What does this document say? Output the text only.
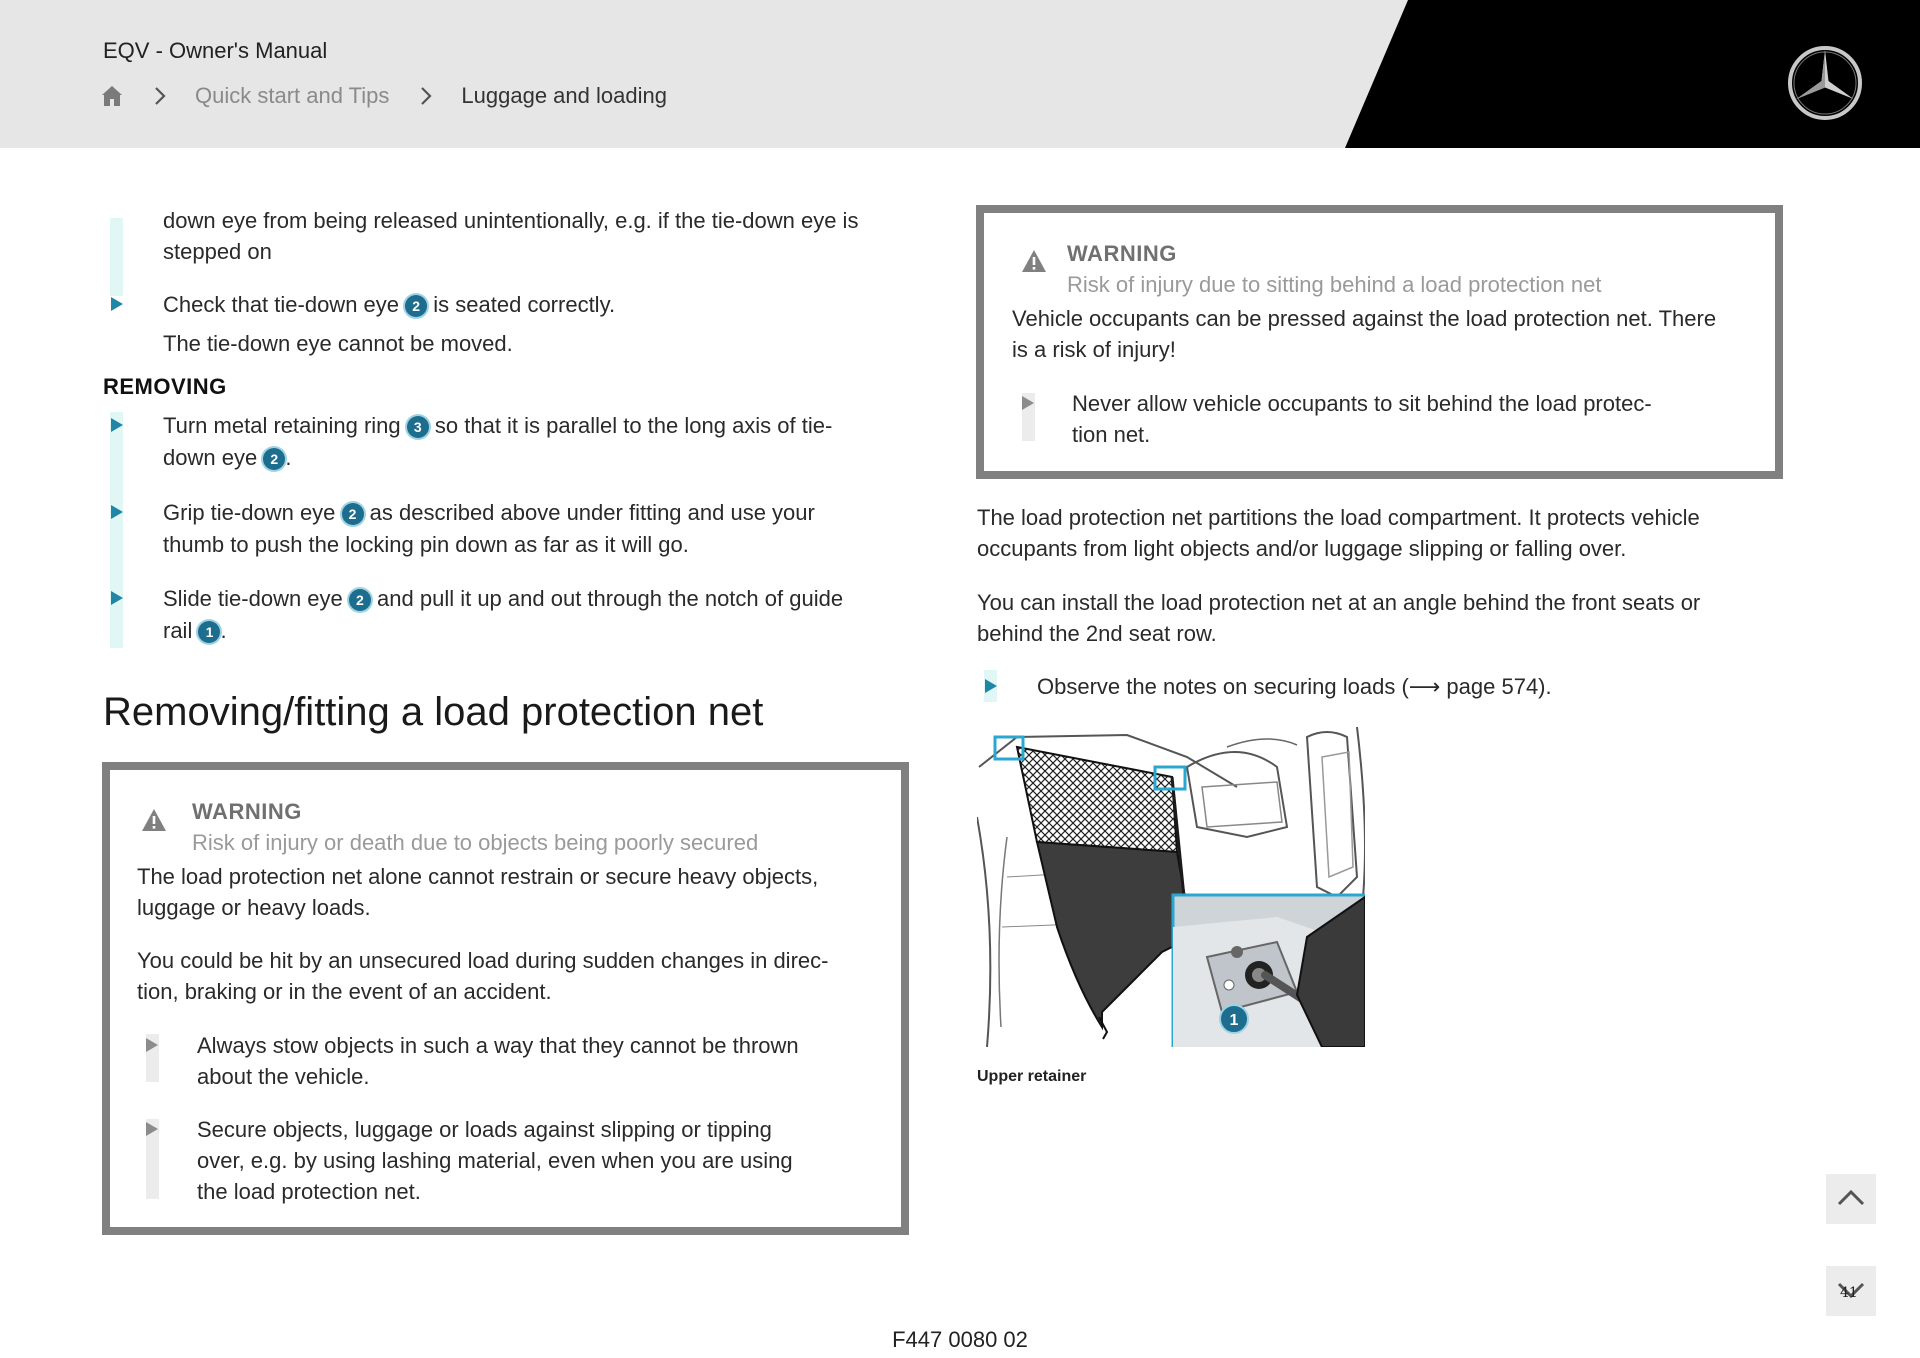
EQV - Owner's Manual
Quick start and Tips	Luggage and loading
down eye from being released unintentionally, e.g. if the tie-down eye is
stepped on
Check that tie-down eye 2 is seated correctly.
The tie-down eye cannot be moved.
REMOVING
Turn metal retaining ring 3 so that it is parallel to the long axis of tie-
down eye 2 .
Grip tie-down eye 2 as described above under fitting and use your
thumb to push the locking pin down as far as it will go.
Slide tie-down eye 2 and pull it up and out through the notch of guide
rail 1 .
Removing/fitting a load protection net
WARNING
Risk of injury or death due to objects being poorly secured
The load protection net alone cannot restrain or secure heavy objects,
luggage or heavy loads.
You could be hit by an unsecured load during sudden changes in direc-
tion, braking or in the event of an accident.
Always stow objects in such a way that they cannot be thrown
about the vehicle.
Secure objects, luggage or loads against slipping or tipping
over, e.g. by using lashing material, even when you are using
the load protection net.
WARNING
Risk of injury due to sitting behind a load protection net
Vehicle occupants can be pressed against the load protection net. There
is a risk of injury!
Never allow vehicle occupants to sit behind the load protec-
tion net.
The load protection net partitions the load compartment. It protects vehicle
occupants from light objects and/or luggage slipping or falling over.
You can install the load protection net at an angle behind the front seats or
behind the 2nd seat row.
Observe the notes on securing loads (⟶ page 574).
1
Upper retainer
41
F447 0080 02
